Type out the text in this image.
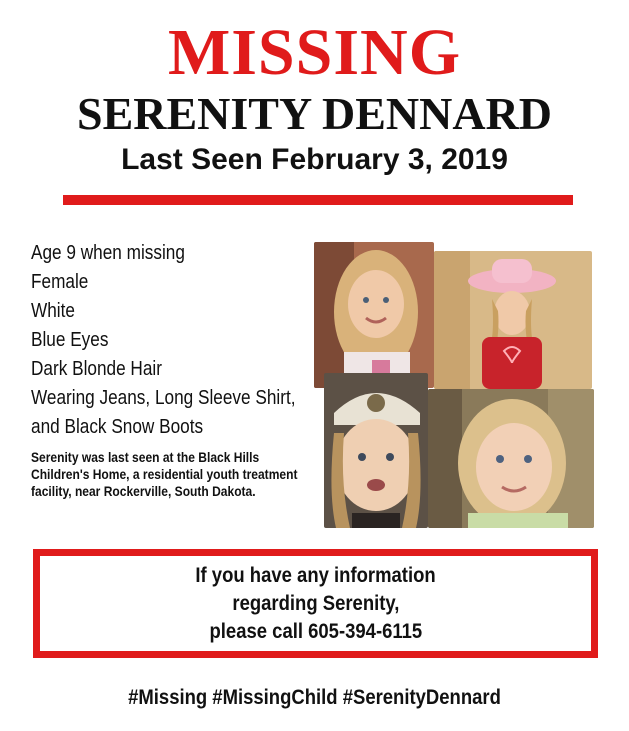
MISSING
SERENITY DENNARD
Last Seen February 3, 2019
Age 9 when missing
Female
White
Blue Eyes
Dark Blonde Hair
Wearing Jeans, Long Sleeve Shirt, and Black Snow Boots
Serenity was last seen at the Black Hills Children's Home, a residential youth treatment facility, near Rockerville, South Dakota.
If you have any information
regarding Serenity,
please call 605-394-6115
#Missing #MissingChild #SerenityDennard
